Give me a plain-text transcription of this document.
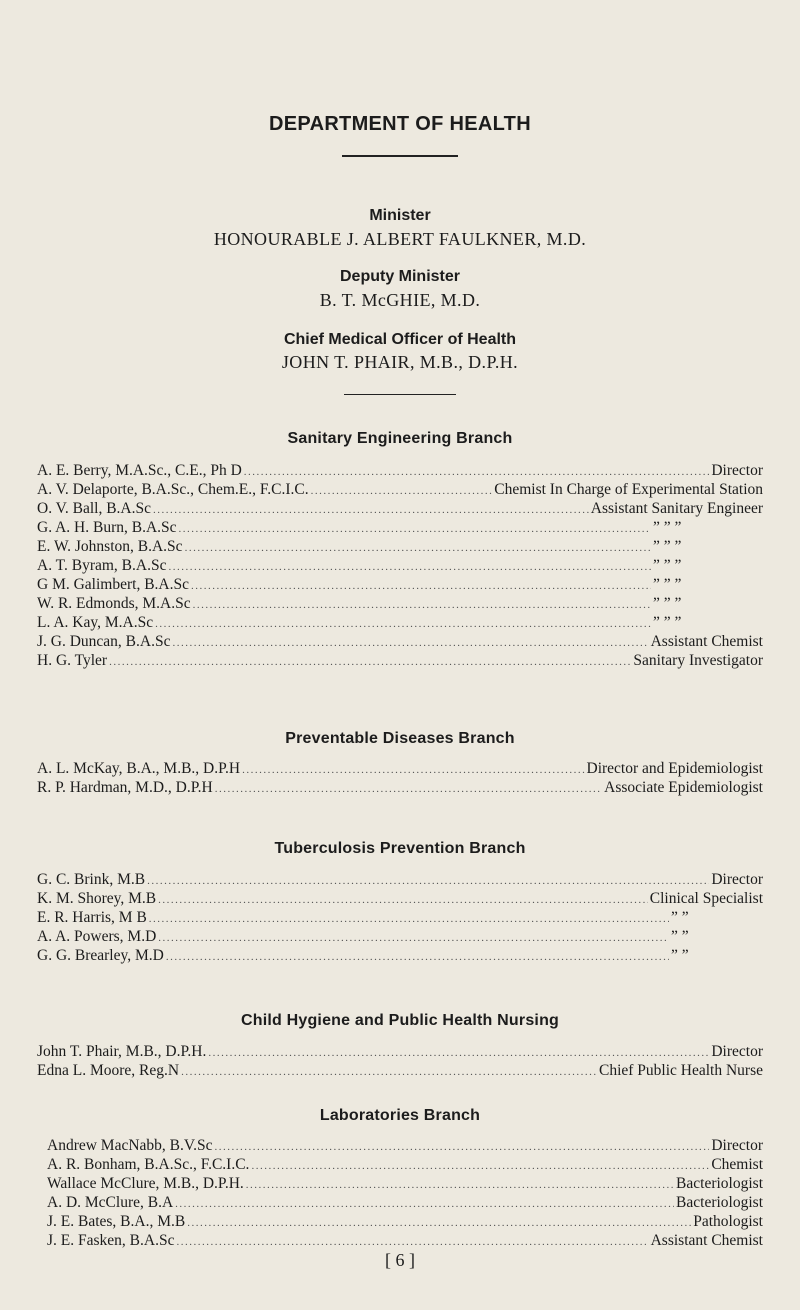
DEPARTMENT OF HEALTH
Minister
HONOURABLE J. ALBERT FAULKNER, M.D.
Deputy Minister
B. T. McGHIE, M.D.
Chief Medical Officer of Health
JOHN T. PHAIR, M.B., D.P.H.
Sanitary Engineering Branch
A. E. Berry, M.A.Sc., C.E., Ph D .....	Director
A. V. Delaporte, B.A.Sc., Chem.E., F.C.I.C. .....	Chemist In Charge of Experimental Station
O. V. Ball, B.A.Sc .....	Assistant Sanitary Engineer
G. A. H. Burn, B.A.Sc .....	” ” ”
E. W. Johnston, B.A.Sc .....	” ” ”
A. T. Byram, B.A.Sc .....	” ” ”
G M. Galimbert, B.A.Sc .....	” ” ”
W. R. Edmonds, M.A.Sc .....	” ” ”
L. A. Kay, M.A.Sc .....	” ” ”
J. G. Duncan, B.A.Sc .....	Assistant Chemist
H. G. Tyler .....	Sanitary Investigator
Preventable Diseases Branch
A. L. McKay, B.A., M.B., D.P.H .....	Director and Epidemiologist
R. P. Hardman, M.D., D.P.H .....	Associate Epidemiologist
Tuberculosis Prevention Branch
G. C. Brink, M.B .....	Director
K. M. Shorey, M.B .....	Clinical Specialist
E. R. Harris, M B .....	” ”
A. A. Powers, M.D .....	” ”
G. G. Brearley, M.D .....	” ”
Child Hygiene and Public Health Nursing
John T. Phair, M.B., D.P.H. .....	Director
Edna L. Moore, Reg.N .....	Chief Public Health Nurse
Laboratories Branch
Andrew MacNabb, B.V.Sc .....	Director
A. R. Bonham, B.A.Sc., F.C.I.C. .....	Chemist
Wallace McClure, M.B., D.P.H. .....	Bacteriologist
A. D. McClure, B.A .....	Bacteriologist
J. E. Bates, B.A., M.B .....	Pathologist
J. E. Fasken, B.A.Sc .....	Assistant Chemist
[ 6 ]
